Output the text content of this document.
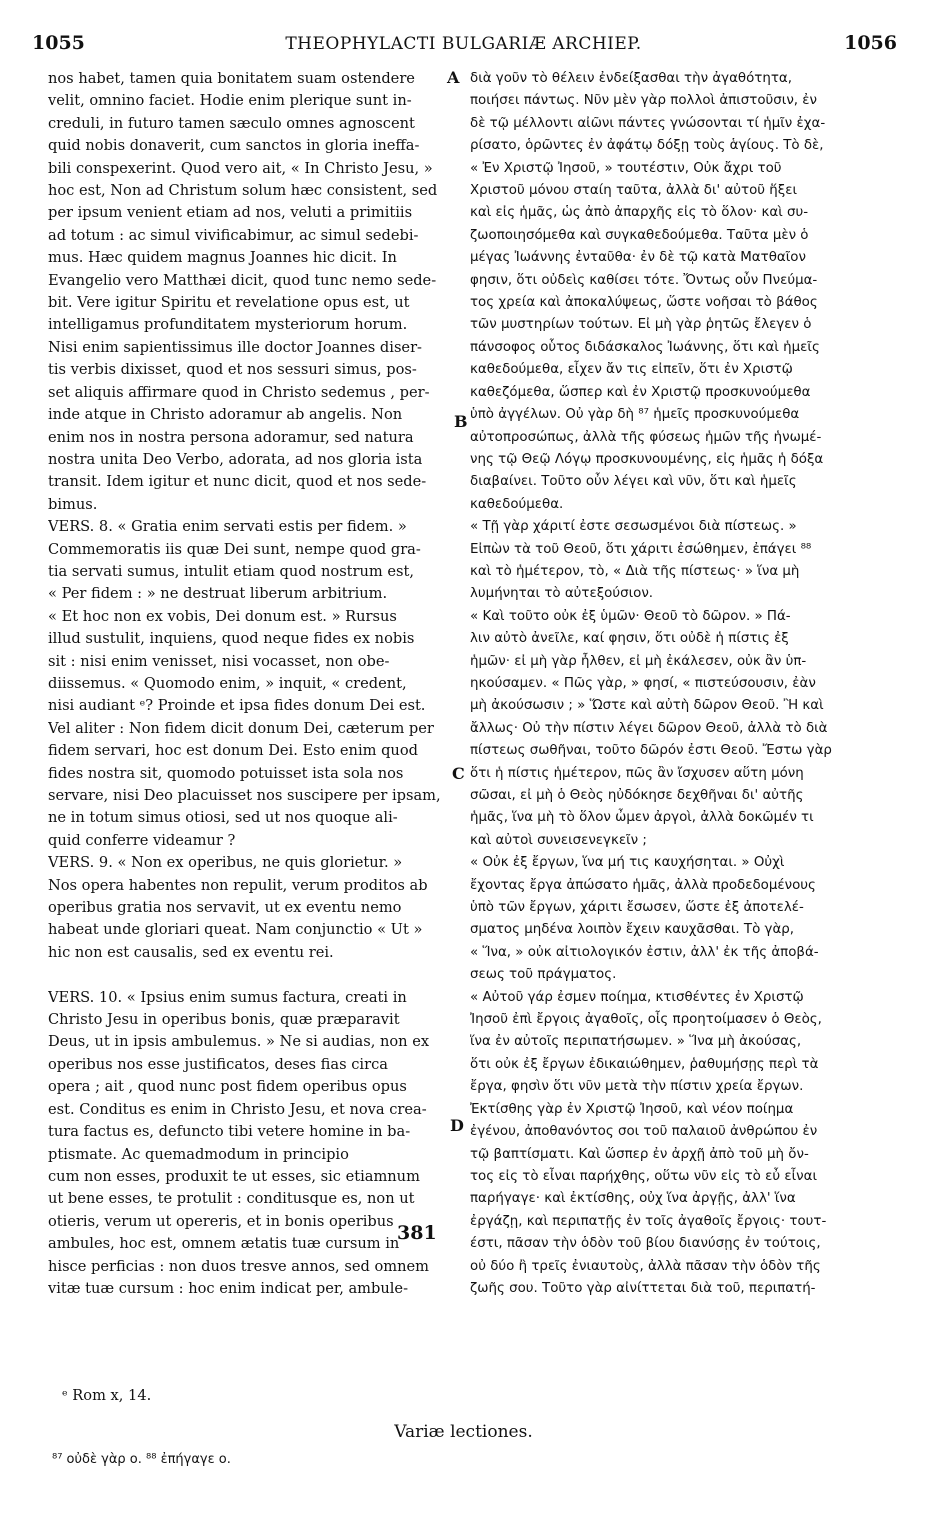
1055	THEOPHYLACTI BULGARIÆ ARCHIEP.	1056
A
B
C
D
381
nos habet, tamen quia bonitatem suam ostendere
velit, omnino faciet. Hodie enim plerique sunt in-
creduli, in futuro tamen sæculo omnes agnoscent
quid nobis donaverit, cum sanctos in gloria ineffa-
bili conspexerint. Quod vero ait, « In Christo Jesu, »
hoc est, Non ad Christum solum hæc consistent, sed
per ipsum venient etiam ad nos, veluti a primitiis
ad totum : ac simul vivificabimur, ac simul sedebi-
mus. Hæc quidem magnus Joannes hic dicit. In
Evangelio vero Matthæi dicit, quod tunc nemo sede-
bit. Vere igitur Spiritu et revelatione opus est, ut
intelligamus profunditatem mysteriorum horum.
Nisi enim sapientissimus ille doctor Joannes diser-
tis verbis dixisset, quod et nos sessuri simus, pos-
set aliquis affirmare quod in Christo sedemus , per-
inde atque in Christo adoramur ab angelis. Non
enim nos in nostra persona adoramur, sed natura
nostra unita Deo Verbo, adorata, ad nos gloria ista
transit. Idem igitur et nunc dicit, quod et nos sede-
bimus.
VERS. 8. « Gratia enim servati estis per fidem. »
Commemoratis iis quæ Dei sunt, nempe quod gra-
tia servati sumus, intulit etiam quod nostrum est,
« Per fidem : » ne destruat liberum arbitrium.
« Et hoc non ex vobis, Dei donum est. » Rursus
illud sustulit, inquiens, quod neque fides ex nobis
sit : nisi enim venisset, nisi vocasset, non obe-
diissemus. « Quomodo enim, » inquit, « credent,
nisi audiant ᵉ? Proinde et ipsa fides donum Dei est.
Vel aliter : Non fidem dicit donum Dei, cæterum per
fidem servari, hoc est donum Dei. Esto enim quod
fides nostra sit, quomodo potuisset ista sola nos
servare, nisi Deo placuisset nos suscipere per ipsam,
ne in totum simus otiosi, sed ut nos quoque ali-
quid conferre videamur ?
VERS. 9. « Non ex operibus, ne quis glorietur. »
Nos opera habentes non repulit, verum proditos ab
operibus gratia nos servavit, ut ex eventu nemo
habeat unde gloriari queat. Nam conjunctio « Ut »
hic non est causalis, sed ex eventu rei.
VERS. 10. « Ipsius enim sumus factura, creati in
Christo Jesu in operibus bonis, quæ præparavit
Deus, ut in ipsis ambulemus. » Ne si audias, non ex
operibus nos esse justificatos, deses fias circa
opera ; ait , quod nunc post fidem operibus opus
est. Conditus es enim in Christo Jesu, et nova crea-
tura factus es, defuncto tibi vetere homine in ba-
ptismate. Ac quemadmodum in principio
cum non esses, produxit te ut esses, sic etiamnum
ut bene esses, te protulit : conditusque es, non ut
otieris, verum ut opereris, et in bonis operibus
ambules, hoc est, omnem ætatis tuæ cursum in
hisce perficias : non duos tresve annos, sed omnem
vitæ tuæ cursum : hoc enim indicat per, ambule-
διὰ γοῦν τὸ θέλειν ἐνδείξασθαι τὴν ἀγαθότητα,
ποιήσει πάντως. Νῦν μὲν γὰρ πολλοὶ ἀπιστοῦσιν, ἐν
δὲ τῷ μέλλοντι αἰῶνι πάντες γνώσονται τί ἡμῖν ἐχα-
ρίσατο, ὁρῶντες ἐν ἀφάτῳ δόξῃ τοὺς ἁγίους. Τὸ δὲ,
« Ἐν Χριστῷ Ἰησοῦ, » τουτέστιν, Οὐκ ἄχρι τοῦ
Χριστοῦ μόνου σταίη ταῦτα, ἀλλὰ δι' αὐτοῦ ἥξει
καὶ εἰς ἡμᾶς, ὡς ἀπὸ ἀπαρχῆς εἰς τὸ ὅλον· καὶ συ-
ζωοποιησόμεθα καὶ συγκαθεδούμεθα. Ταῦτα μὲν ὁ
μέγας Ἰωάννης ἐνταῦθα· ἐν δὲ τῷ κατὰ Ματθαῖον
φησιν, ὅτι οὐδεὶς καθίσει τότε. Ὄντως οὖν Πνεύμα-
τος χρεία καὶ ἀποκαλύψεως, ὥστε νοῆσαι τὸ βάθος
τῶν μυστηρίων τούτων. Εἰ μὴ γὰρ ῥητῶς ἔλεγεν ὁ
πάνσοφος οὗτος διδάσκαλος Ἰωάννης, ὅτι καὶ ἡμεῖς
καθεδούμεθα, εἶχεν ἄν τις εἰπεῖν, ὅτι ἐν Χριστῷ
καθεζόμεθα, ὥσπερ καὶ ἐν Χριστῷ προσκυνούμεθα
ὑπὸ ἀγγέλων. Οὐ γὰρ δὴ ⁸⁷ ἡμεῖς προσκυνούμεθα
αὐτοπροσώπως, ἀλλὰ τῆς φύσεως ἡμῶν τῆς ἡνωμέ-
νης τῷ Θεῷ Λόγῳ προσκυνουμένης, εἰς ἡμᾶς ἡ δόξα
διαβαίνει. Τοῦτο οὖν λέγει καὶ νῦν, ὅτι καὶ ἡμεῖς
καθεδούμεθα.
« Τῇ γὰρ χάριτί ἐστε σεσωσμένοι διὰ πίστεως. »
Εἰπὼν τὰ τοῦ Θεοῦ, ὅτι χάριτι ἐσώθημεν, ἐπάγει ⁸⁸
καὶ τὸ ἡμέτερον, τὸ, « Διὰ τῆς πίστεως· » ἵνα μὴ
λυμήνηται τὸ αὐτεξούσιον.
« Καὶ τοῦτο οὐκ ἐξ ὑμῶν· Θεοῦ τὸ δῶρον. » Πά-
λιν αὐτὸ ἀνεῖλε, καί φησιν, ὅτι οὐδὲ ἡ πίστις ἐξ
ἡμῶν· εἰ μὴ γὰρ ἦλθεν, εἰ μὴ ἐκάλεσεν, οὐκ ἂν ὑπ-
ηκούσαμεν. « Πῶς γὰρ, » φησί, « πιστεύσουσιν, ἐὰν
μὴ ἀκούσωσιν ; » Ὥστε καὶ αὐτὴ δῶρον Θεοῦ. Ἢ καὶ
ἄλλως· Οὐ τὴν πίστιν λέγει δῶρον Θεοῦ, ἀλλὰ τὸ διὰ
πίστεως σωθῆναι, τοῦτο δῶρόν ἐστι Θεοῦ. Ἔστω γὰρ
ὅτι ἡ πίστις ἡμέτερον, πῶς ἂν ἴσχυσεν αὕτη μόνη
σῶσαι, εἰ μὴ ὁ Θεὸς ηὐδόκησε δεχθῆναι δι' αὐτῆς
ἡμᾶς, ἵνα μὴ τὸ ὅλον ὦμεν ἀργοὶ, ἀλλὰ δοκῶμέν τι
καὶ αὐτοὶ συνεισενεγκεῖν ;
« Οὐκ ἐξ ἔργων, ἵνα μή τις καυχήσηται. » Οὐχὶ
ἔχοντας ἔργα ἀπώσατο ἡμᾶς, ἀλλὰ προδεδομένους
ὑπὸ τῶν ἔργων, χάριτι ἔσωσεν, ὥστε ἐξ ἀποτελέ-
σματος μηδένα λοιπὸν ἔχειν καυχᾶσθαι. Τὸ γὰρ,
« Ἵνα, » οὐκ αἰτιολογικόν ἐστιν, ἀλλ' ἐκ τῆς ἀποβά-
σεως τοῦ πράγματος.
« Αὐτοῦ γάρ ἐσμεν ποίημα, κτισθέντες ἐν Χριστῷ
Ἰησοῦ ἐπὶ ἔργοις ἀγαθοῖς, οἷς προητοίμασεν ὁ Θεὸς,
ἵνα ἐν αὐτοῖς περιπατήσωμεν. » Ἵνα μὴ ἀκούσας,
ὅτι οὐκ ἐξ ἔργων ἐδικαιώθημεν, ῥαθυμήσῃς περὶ τὰ
ἔργα, φησὶν ὅτι νῦν μετὰ τὴν πίστιν χρεία ἔργων.
Ἐκτίσθης γὰρ ἐν Χριστῷ Ἰησοῦ, καὶ νέον ποίημα
ἐγένου, ἀποθανόντος σοι τοῦ παλαιοῦ ἀνθρώπου ἐν
τῷ βαπτίσματι. Καὶ ὥσπερ ἐν ἀρχῇ ἀπὸ τοῦ μὴ ὄν-
τος εἰς τὸ εἶναι παρήχθης, οὕτω νῦν εἰς τὸ εὖ εἶναι
παρήγαγε· καὶ ἐκτίσθης, οὐχ ἵνα ἀργῇς, ἀλλ' ἵνα
ἐργάζῃ, καὶ περιπατῇς ἐν τοῖς ἀγαθοῖς ἔργοις· τουτ-
έστι, πᾶσαν τὴν ὁδὸν τοῦ βίου διανύσῃς ἐν τούτοις,
οὐ δύο ἢ τρεῖς ἐνιαυτοὺς, ἀλλὰ πᾶσαν τὴν ὁδὸν τῆς
ζωῆς σου. Τοῦτο γὰρ αἰνίττεται διὰ τοῦ, περιπατή-
ᵉ Rom x, 14.
Variæ lectiones.
⁸⁷ οὐδὲ γὰρ ο. ⁸⁸ ἐπήγαγε ο.
